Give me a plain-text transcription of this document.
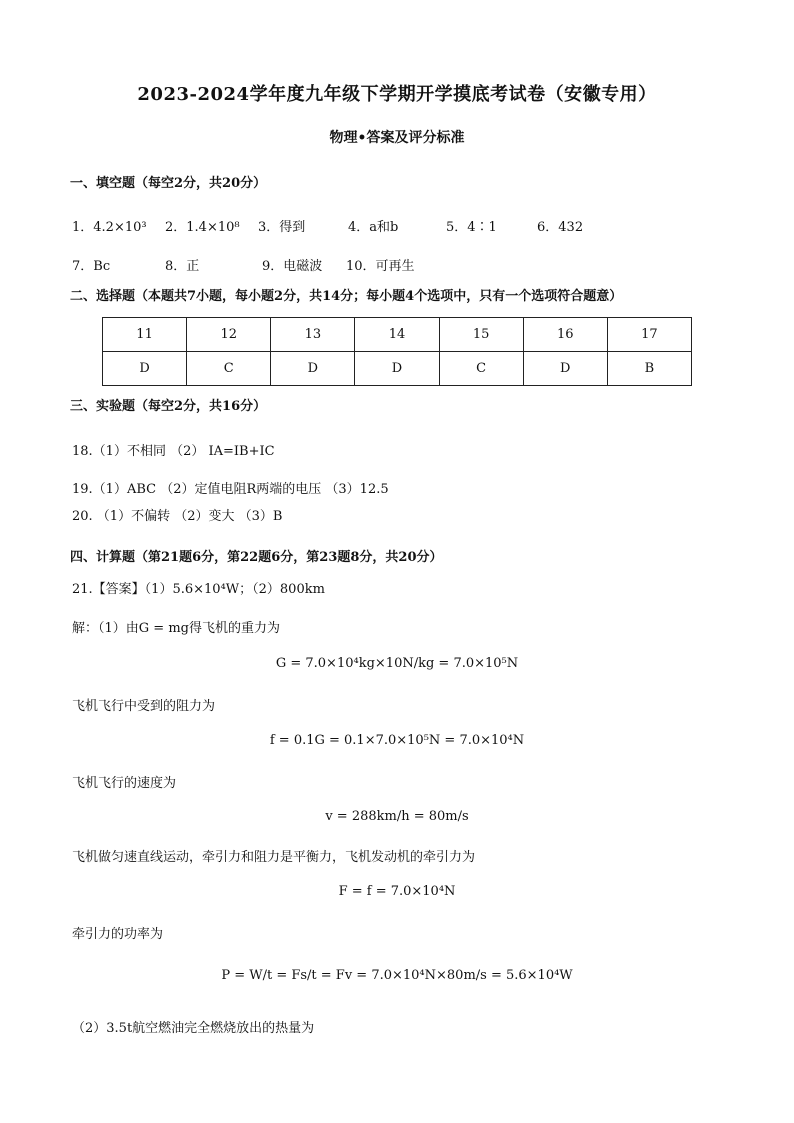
2023-2024学年度九年级下学期开学摸底考试卷（安徽专用）
物理•答案及评分标准
一、填空题（每空2分，共20分）
1．4.2×10³ 2．1.4×10⁸ 3．得到	4．a和b	5．4∶1	6．432
7．Bc	8．正	9．电磁波 10．可再生
二、选择题（本题共7小题，每小题2分，共14分；每小题4个选项中，只有一个选项符合题意）
11	12	13	14	15	16	17
D	C	D	D	C	D	B
三、实验题（每空2分，共16分）
18.（1）不相同 （2） IA=IB+IC
19.（1）ABC （2）定值电阻R两端的电压 （3）12.5
20. （1）不偏转 （2）变大 （3）B
四、计算题（第21题6分，第22题6分，第23题8分，共20分）
21.【答案】（1）5.6×10⁴W；（2）800km
解：（1）由G = mg得飞机的重力为
G = 7.0×10⁴kg×10N/kg = 7.0×10⁵N
飞机飞行中受到的阻力为
f = 0.1G = 0.1×7.0×10⁵N = 7.0×10⁴N
飞机飞行的速度为
v = 288km/h = 80m/s
飞机做匀速直线运动，牵引力和阻力是平衡力，飞机发动机的牵引力为
F = f = 7.0×10⁴N
牵引力的功率为
P = W/t = Fs/t = Fv = 7.0×10⁴N×80m/s = 5.6×10⁴W
（2）3.5t航空燃油完全燃烧放出的热量为
